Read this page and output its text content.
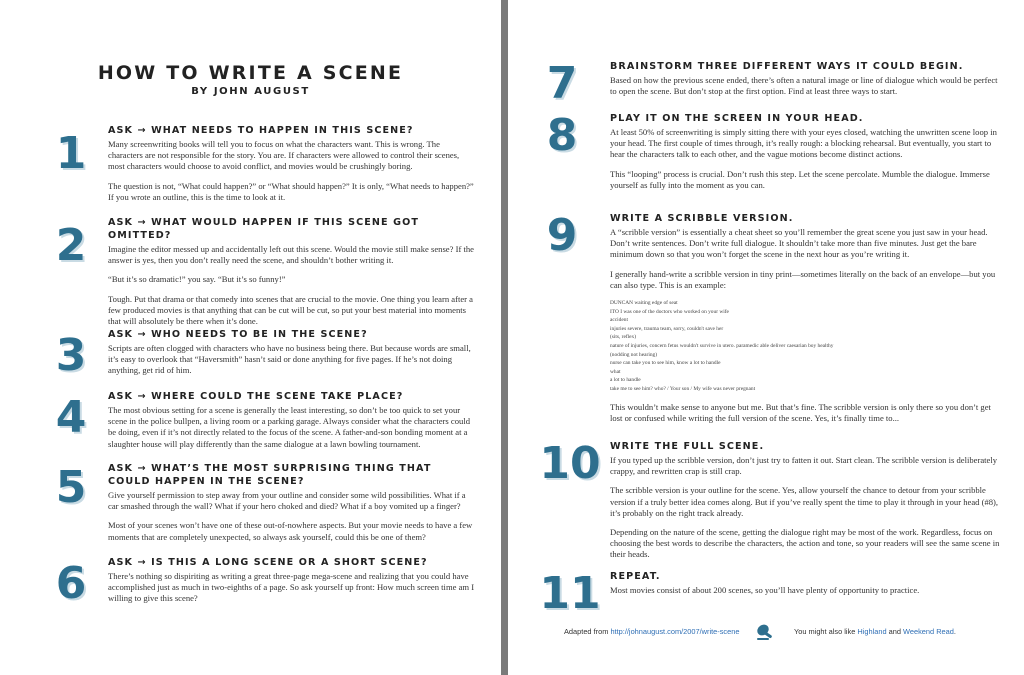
HOW TO WRITE A SCENE
BY JOHN AUGUST
1	ASK → WHAT NEEDS TO HAPPEN IN THIS SCENE?

Many screenwriting books will tell you to focus on what the characters want. This is wrong. The characters are not responsible for the story. You are. If characters were allowed to control their scenes, most characters would choose to avoid conflict, and movies would be crushingly boring.

The question is not, “What could happen?” or “What should happen?” It is only, “What needs to happen?” If you wrote an outline, this is the time to look at it.

2	ASK → WHAT WOULD HAPPEN IF THIS SCENE GOT OMITTED?

Imagine the editor messed up and accidentally left out this scene. Would the movie still make sense? If the answer is yes, then you don’t really need the scene, and shouldn’t bother writing it.

“But it’s so dramatic!” you say. “But it’s so funny!”

Tough. Put that drama or that comedy into scenes that are crucial to the movie. One thing you learn after a few produced movies is that anything that can be cut will be cut, so put your best material into moments that will absolutely be there when it’s done.

3	ASK → WHO NEEDS TO BE IN THE SCENE?

Scripts are often clogged with characters who have no business being there. But because words are small, it’s easy to overlook that “Haversmith” hasn’t said or done anything for five pages. If he’s not doing anything, get rid of him.

4	ASK → WHERE COULD THE SCENE TAKE PLACE?

The most obvious setting for a scene is generally the least interesting, so don’t be too quick to set your scene in the police bullpen, a living room or a parking garage. Always consider what the characters could be doing, even if it’s not directly related to the focus of the scene. A father-and-son bonding moment at a slaughter house will play differently than the same dialogue at a lawn bowling tournament.

5	ASK → WHAT’S THE MOST SURPRISING THING THAT COULD HAPPEN IN THE SCENE?

Give yourself permission to step away from your outline and consider some wild possibilities. What if a car smashed through the wall? What if your hero choked and died? What if a boy vomited up a finger?

Most of your scenes won’t have one of these out-of-nowhere aspects. But your movie needs to have a few moments that are completely unexpected, so always ask yourself, could this be one of them?

6	ASK → IS THIS A LONG SCENE OR A SHORT SCENE?

There’s nothing so dispiriting as writing a great three-page mega-scene and realizing that you could have accomplished just as much in two-eighths of a page. So ask yourself up front: How much screen time am I willing to give this scene?

7	BRAINSTORM THREE DIFFERENT WAYS IT COULD BEGIN.

Based on how the previous scene ended, there’s often a natural image or line of dialogue which would be perfect to open the scene. But don’t stop at the first option. Find at least three ways to start.

8	PLAY IT ON THE SCREEN IN YOUR HEAD.

At least 50% of screenwriting is simply sitting there with your eyes closed, watching the unwritten scene loop in your head. The first couple of times through, it’s really rough: a blocking rehearsal. But eventually, you start to hear the characters talk to each other, and the vague motions become distinct actions.

This “looping” process is crucial. Don’t rush this step. Let the scene percolate. Mumble the dialogue. Immerse yourself as fully into the moment as you can.

9	WRITE A SCRIBBLE VERSION.

A “scribble version” is essentially a cheat sheet so you’ll remember the great scene you just saw in your head. Don’t write sentences. Don’t write full dialogue. It shouldn’t take more than five minutes. Just get the bare minimum down so that you won’t forget the scene in the next hour as you’re writing it.

I generally hand-write a scribble version in tiny print—sometimes literally on the back of an envelope—but you can also type. This is an example:

DUNCAN waiting edge of seat
ITO I was one of the doctors who worked on your wife
accident
injuries severe, trauma team, sorry, couldn't save her
(sits, reflex)
nature of injuries, concern fetus wouldn't survive in utero. paramedic able deliver caesarian boy healthy
(nodding not hearing)
nurse can take you to see him, know a lot to handle
what
a lot to handle
take me to see him? who? / Your son / My wife was never pregnant

This wouldn’t make sense to anyone but me. But that’s fine. The scribble version is only there so you don’t get lost or confused while writing the full version of the scene. Yes, it’s finally time to...

10 WRITE THE FULL SCENE.

If you typed up the scribble version, don’t just try to fatten it out. Start clean. The scribble version is deliberately crappy, and rewritten crap is still crap.

The scribble version is your outline for the scene. Yes, allow yourself the chance to detour from your scribble version if a truly better idea comes along. But if you’ve really spent the time to play it through in your head (#8), it’s probably on the right track already.

Depending on the nature of the scene, getting the dialogue right may be most of the work. Regardless, focus on choosing the best words to describe the characters, the action and tone, so your readers will see the same scene in their heads.

11 REPEAT.

Most movies consist of about 200 scenes, so you’ll have plenty of opportunity to practice.

Adapted from http://johnaugust.com/2007/write-scene	You might also like Highland and Weekend Read.
